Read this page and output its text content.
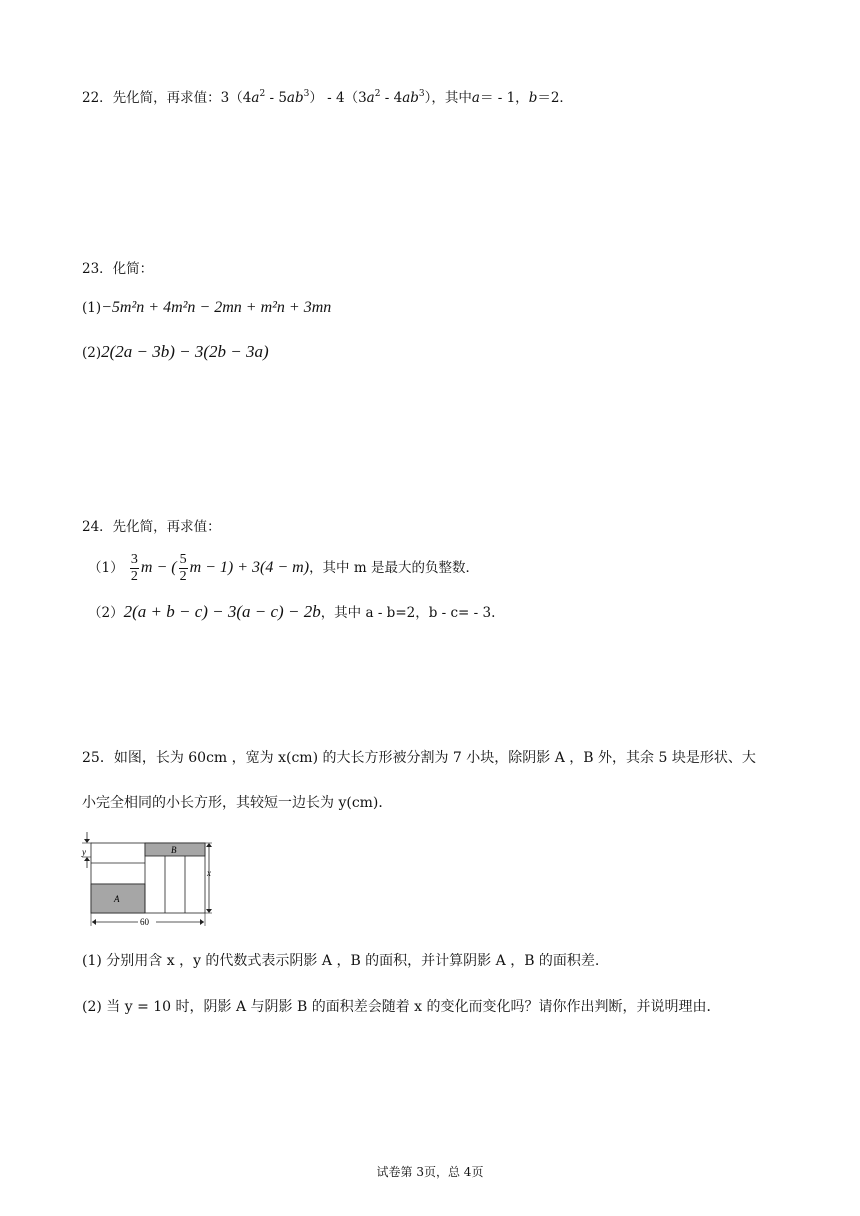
22．先化简，再求值：$3(4a^2 - 5ab^3) - 4(3a^2 - 4ab^3)$，其中a＝ - 1，b＝2．
23．化简：
(1)−5m²n + 4m²n − 2mn + m²n + 3mn
(2)2(2a − 3b) − 3(2b − 3a)
24．先化简，再求值：
$(1) \frac{3}{2}$ m − ( $\frac{5}{2}$ m − 1) + 3(4 − m)，其中 m 是最大的负整数．
（2）2(a + b − c) − 3(a − c) − 2b，其中 a - b=2，b - c= - 3.
25．如图，长为 60cm ，宽为 x(cm) 的大长方形被分割为 7 小块，除阴影 A ，B 外，其余 5 块是形状、大
小完全相同的小长方形，其较短一边长为 y(cm)．
y
A
B
x
60
(1) 分别用含 x ，y 的代数式表示阴影 A ，B 的面积，并计算阴影 A ，B 的面积差.
(2) 当 y = 10 时，阴影 A 与阴影 B 的面积差会随着 x 的变化而变化吗？请你作出判断，并说明理由．
试卷第 3页，总 4页
